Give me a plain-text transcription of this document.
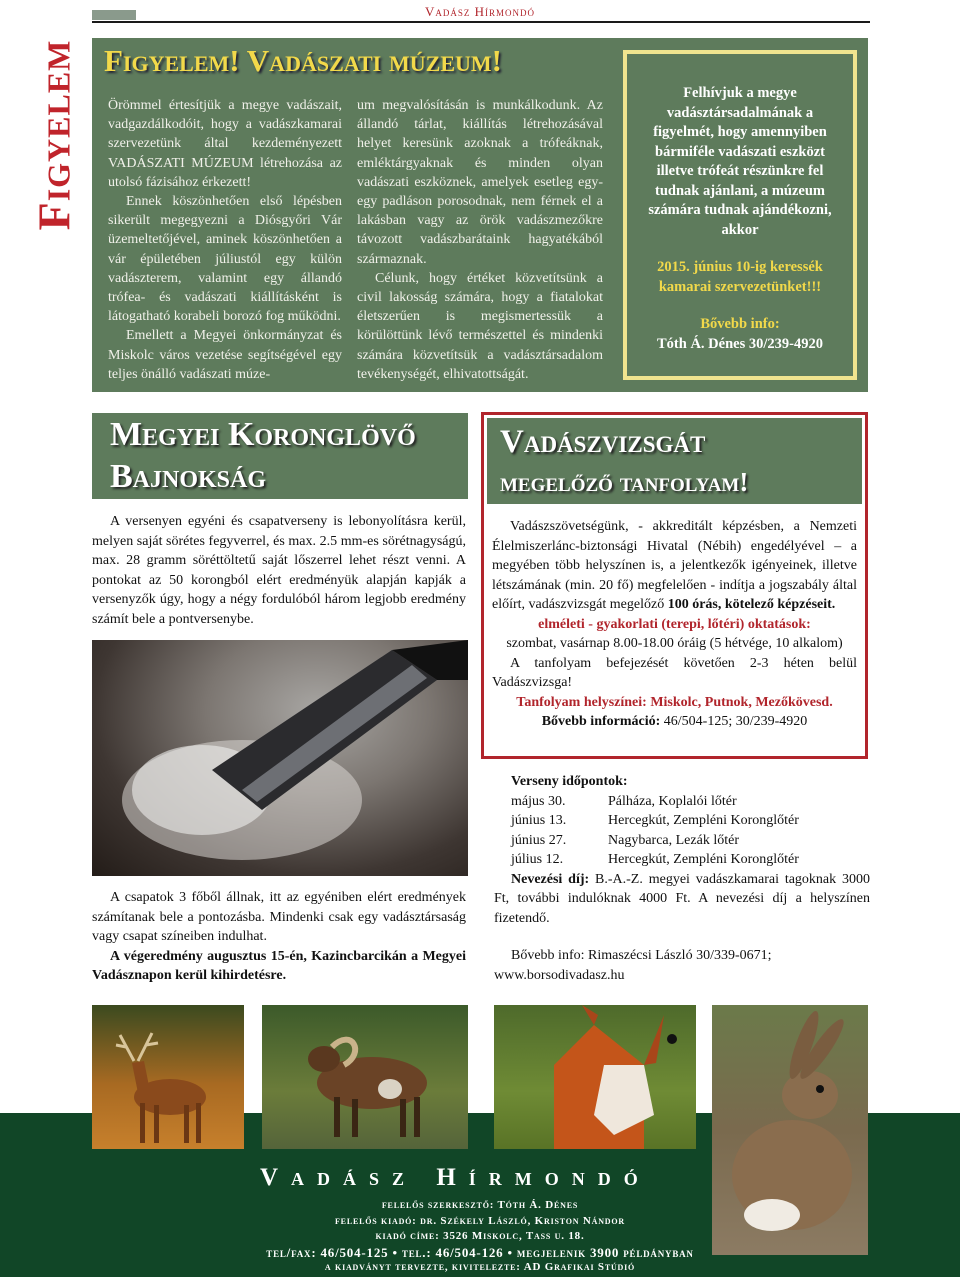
Vadász Hírmondó
Figyelem Figyelem! Vadászati múzeum!

Örömmel értesítjük a megye vadászait, vadgazdálkodóit, hogy a vadászkamarai szervezetünk által kezdeményezett VADÁSZATI MÚZEUM létrehozása az utolsó fázisához érkezett!

Ennek köszönhetően első lépésben sikerült megegyezni a Diósgyőri Vár üzemeltetőjével, aminek köszönhetően a vár épületében júliustól egy külön vadászterem, valamint egy állandó trófea- és vadászati kiállításként is látogatható korabeli borozó fog működni.

Emellett a Megyei önkormányzat és Miskolc város vezetése segítségével egy teljes önálló vadászati múze-

um megvalósításán is munkálkodunk. Az állandó tárlat, kiállítás létrehozásával helyet keresünk azoknak a trófeáknak, emléktárgyaknak és minden olyan vadászati eszköznek, amelyek esetleg egy-egy padláson porosodnak, nem férnek el a lakásban vagy az örök vadászmezőkre távozott vadászbarátaink hagyatékából származnak.

Célunk, hogy értéket közvetítsünk a civil lakosság számára, hogy a fiatalokat életszerűen is megismertessük a körülöttünk lévő természettel és mindenki számára közvetítsük a vadásztársadalom tevékenységét, elhivatottságát.

Felhívjuk a megye vadásztársadalmának a figyelmét, hogy amennyiben bármiféle vadászati eszközt illetve trófeát részünkre fel tudnak ajánlani, a múzeum számára tudnak ajándékozni, akkor
2015. június 10-ig keressék kamarai szervezetünket!!!
Bővebb info:
Tóth Á. Dénes 30/239-4920
Megyei Koronglövő
Bajnokság

A versenyen egyéni és csapatverseny is lebonyolításra kerül, melyen saját sörétes fegyverrel, és max. 2.5 mm-es sörétnagyságú, max. 28 gramm söréttöltetű saját lőszerrel lehet részt venni. A pontokat az 50 korongból elért eredményük alapján kapják a versenyzők úgy, hogy a négy fordulóból három legjobb eredmény számít bele a pontversenybe.

A csapatok 3 főből állnak, itt az egyéniben elért eredmények számítanak bele a pontozásba. Mindenki csak egy vadásztársaság vagy csapat színeiben indulhat.

A végeredmény augusztus 15-én, Kazincbarcikán a Megyei Vadásznapon kerül kihirdetésre.

Vadászvizsgát
megelőző tanfolyam!

Vadászszövetségünk, - akkreditált képzésben, a Nemzeti Élelmiszerlánc-biztonsági Hivatal (Nébih) engedélyével – a megyében több helyszínen is, a jelentkezők igényeinek, illetve létszámának (min. 20 fő) megfelelően - indítja a jogszabály által előírt, vadászvizsgát megelőző 100 órás, kötelező képzéseit.

elméleti - gyakorlati (terepi, lőtéri) oktatások:

szombat, vasárnap 8.00-18.00 óráig (5 hétvége, 10 alkalom)

A tanfolyam befejezését követően 2-3 héten belül Vadászvizsga!

Tanfolyam helyszínei: Miskolc, Putnok, Mezőkövesd.

Bővebb információ: 46/504-125; 30/239-4920

Verseny időpontok:
május 30.	Pálháza, Koplalói lőtér
június 13.	Hercegkút, Zempléni Koronglőtér
június 27.	Nagybarca, Lezák lőtér
július 12.	Hercegkút, Zempléni Koronglőtér

Nevezési díj: B.-A.-Z. megyei vadászkamarai tagoknak 3000 Ft, további indulóknak 4000 Ft. A nevezési díj a helyszínen fizetendő.

Bővebb info: Rimaszécsi László 30/339-0671; www.borsodivadasz.hu

Vadász Hírmondó
felelős szerkesztő: Tóth Á. Dénes
felelős kiadó: dr. Székely László, Kriston Nándor
kiadó címe: 3526 Miskolc, Tass u. 18.
tel/fax: 46/504-125 • tel.: 46/504-126 • megjelenik 3900 példányban
a kiadványt tervezte, kivitelezte: AD Grafikai Stúdió
